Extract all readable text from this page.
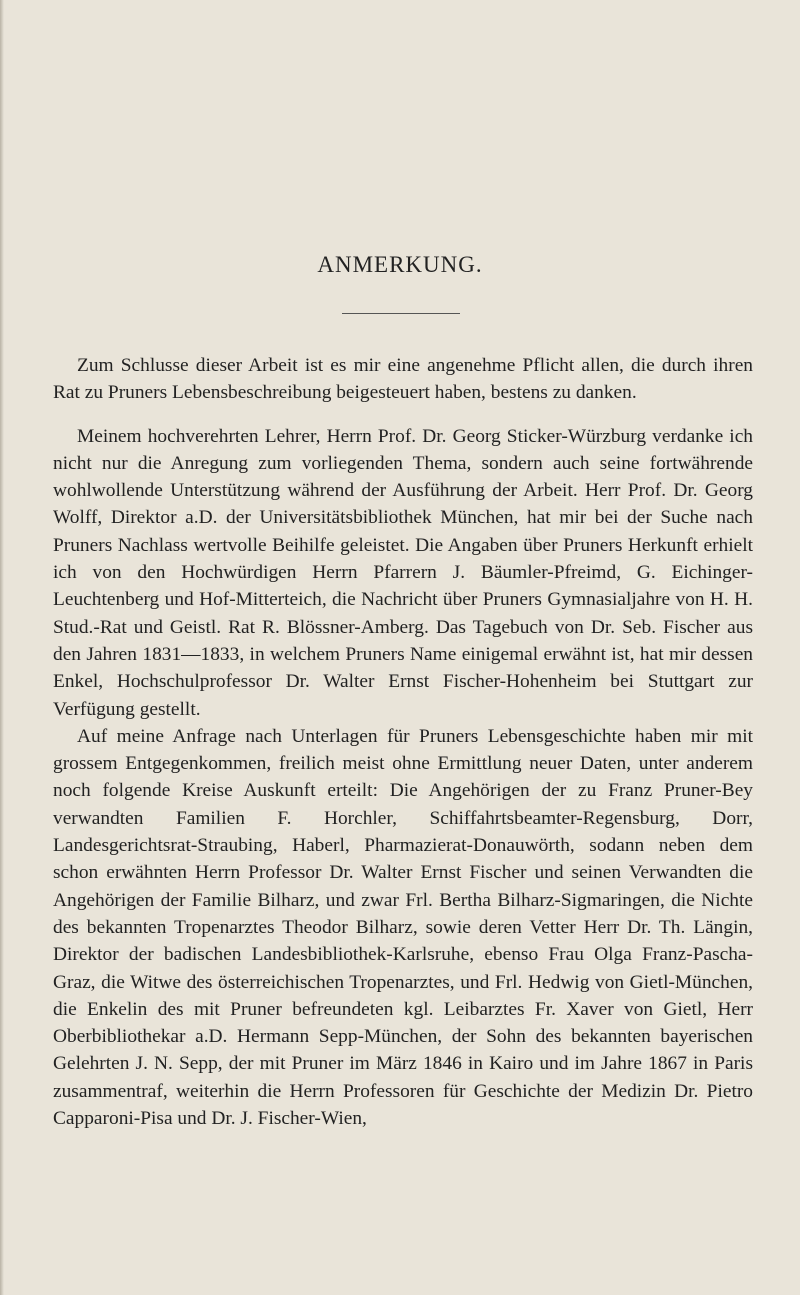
ANMERKUNG.

Zum Schlusse dieser Arbeit ist es mir eine angenehme Pflicht allen, die durch ihren Rat zu Pruners Lebensbeschreibung beigesteuert haben, bestens zu danken.

Meinem hochverehrten Lehrer, Herrn Prof. Dr. Georg Sticker-Würzburg verdanke ich nicht nur die Anregung zum vorliegenden Thema, sondern auch seine fortwährende wohlwollende Unterstützung während der Ausführung der Arbeit. Herr Prof. Dr. Georg Wolff, Direktor a.D. der Universitätsbibliothek München, hat mir bei der Suche nach Pruners Nachlass wertvolle Beihilfe geleistet. Die Angaben über Pruners Herkunft erhielt ich von den Hochwürdigen Herrn Pfarrern J. Bäumler-Pfreimd, G. Eichinger-Leuchtenberg und Hof-Mitterteich, die Nachricht über Pruners Gymnasialjahre von H. H. Stud.-Rat und Geistl. Rat R. Blössner-Amberg. Das Tagebuch von Dr. Seb. Fischer aus den Jahren 1831—1833, in welchem Pruners Name einigemal erwähnt ist, hat mir dessen Enkel, Hochschulprofessor Dr. Walter Ernst Fischer-Hohenheim bei Stuttgart zur Verfügung gestellt.

Auf meine Anfrage nach Unterlagen für Pruners Lebensgeschichte haben mir mit grossem Entgegenkommen, freilich meist ohne Ermittlung neuer Daten, unter anderem noch folgende Kreise Auskunft erteilt: Die Angehörigen der zu Franz Pruner-Bey verwandten Familien F. Horchler, Schiffahrtsbeamter-Regensburg, Dorr, Landesgerichtsrat-Straubing, Haberl, Pharmazierat-Donauwörth, sodann neben dem schon erwähnten Herrn Professor Dr. Walter Ernst Fischer und seinen Verwandten die Angehörigen der Familie Bilharz, und zwar Frl. Bertha Bilharz-Sigmaringen, die Nichte des bekannten Tropenarztes Theodor Bilharz, sowie deren Vetter Herr Dr. Th. Längin, Direktor der badischen Landesbibliothek-Karlsruhe, ebenso Frau Olga Franz-Pascha-Graz, die Witwe des österreichischen Tropenarztes, und Frl. Hedwig von Gietl-München, die Enkelin des mit Pruner befreundeten kgl. Leibarztes Fr. Xaver von Gietl, Herr Oberbibliothekar a.D. Hermann Sepp-München, der Sohn des bekannten bayerischen Gelehrten J. N. Sepp, der mit Pruner im März 1846 in Kairo und im Jahre 1867 in Paris zusammentraf, weiterhin die Herrn Professoren für Geschichte der Medizin Dr. Pietro Capparoni-Pisa und Dr. J. Fischer-Wien,
